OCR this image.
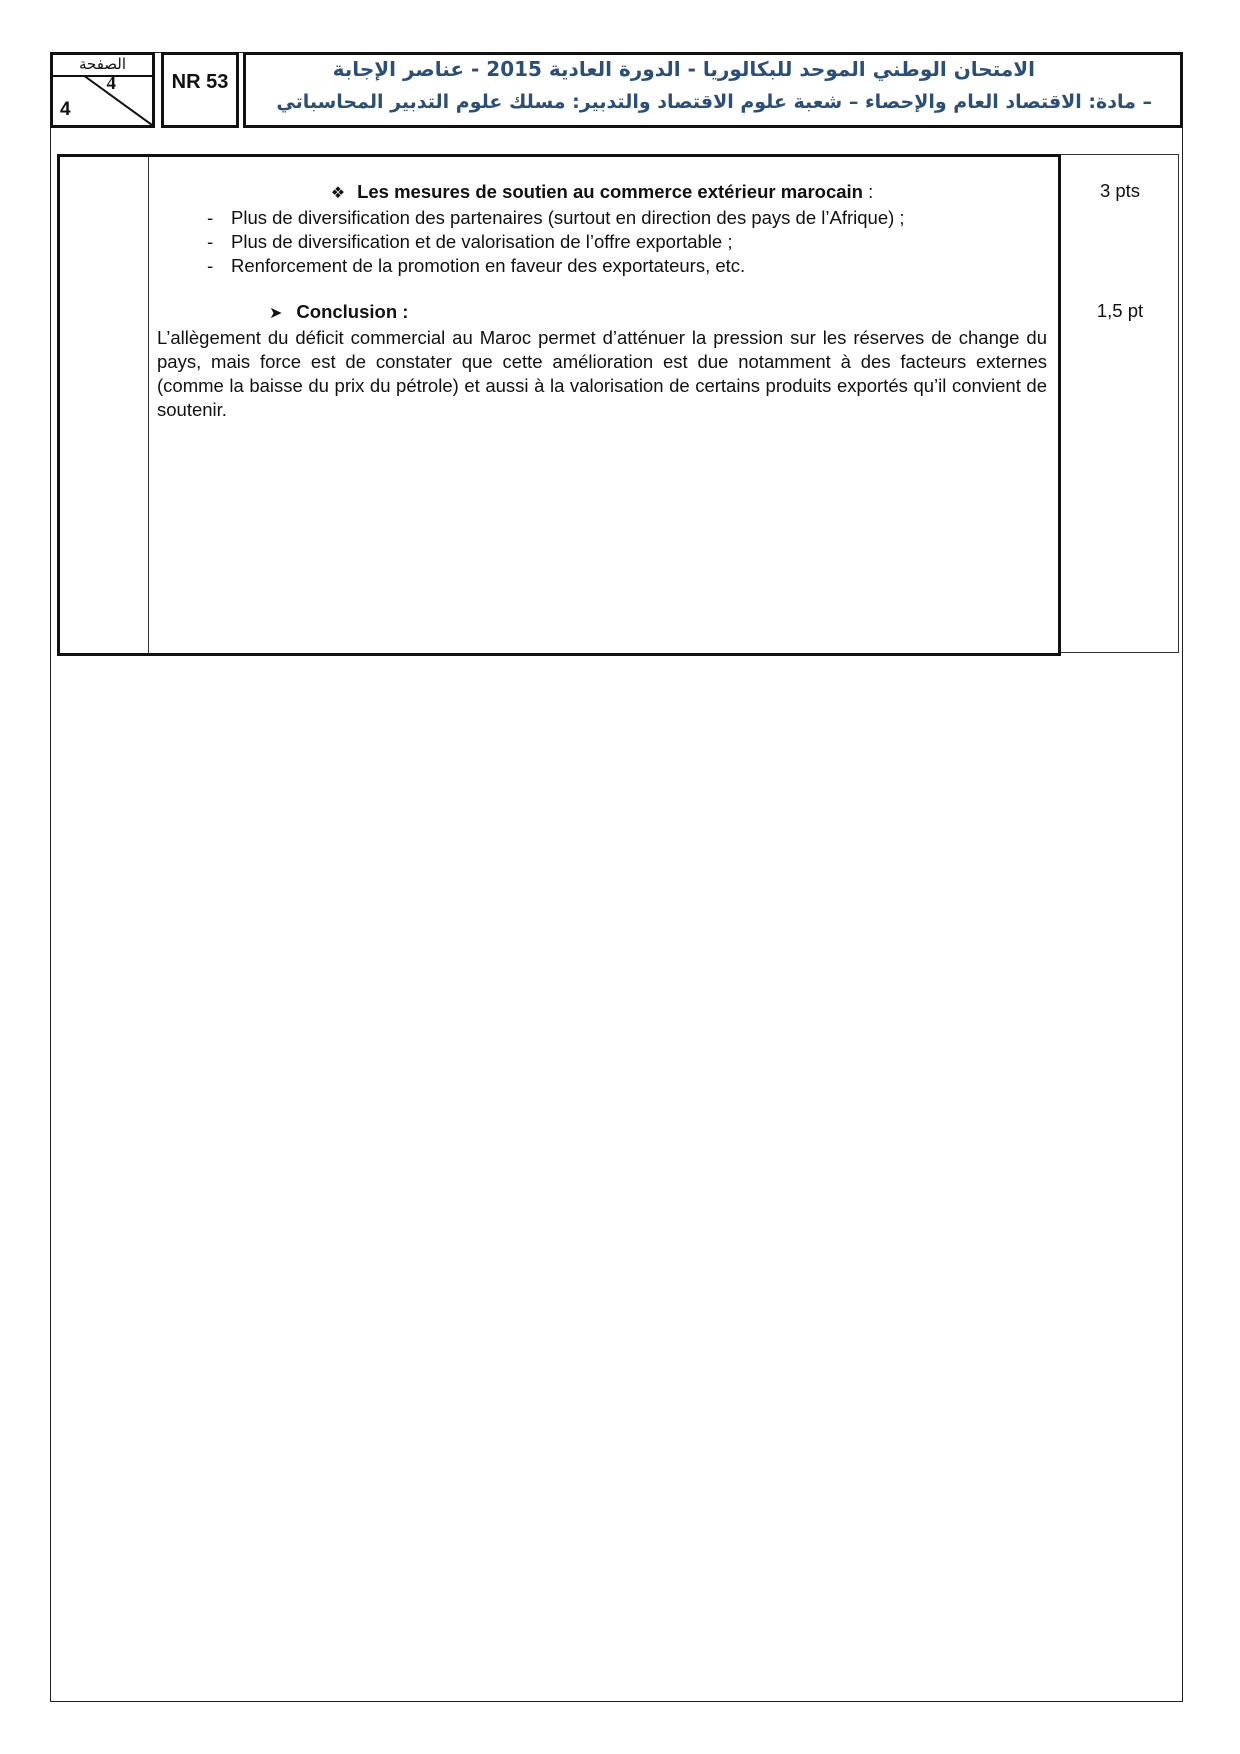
الصفحة
4
4
NR 53
الامتحان الوطني الموحد للبكالوريا - الدورة العادية 2015 - عناصر الإجابة
– مادة: الاقتصاد العام والإحصاء – شعبة علوم الاقتصاد والتدبير: مسلك علوم التدبير المحاسباتي
❖ Les mesures de soutien au commerce extérieur marocain :
- Plus de diversification des partenaires (surtout en direction des pays de l’Afrique) ;
- Plus de diversification et de valorisation de l’offre exportable ;
- Renforcement de la promotion en faveur des exportateurs, etc.
➤ Conclusion :

L’allègement du déficit commercial au Maroc permet d’atténuer la pression sur les réserves de change du pays, mais force est de constater que cette amélioration est due notamment à des facteurs externes (comme la baisse du prix du pétrole) et aussi à la valorisation de certains produits exportés qu’il convient de soutenir.

3 pts
1,5 pt
